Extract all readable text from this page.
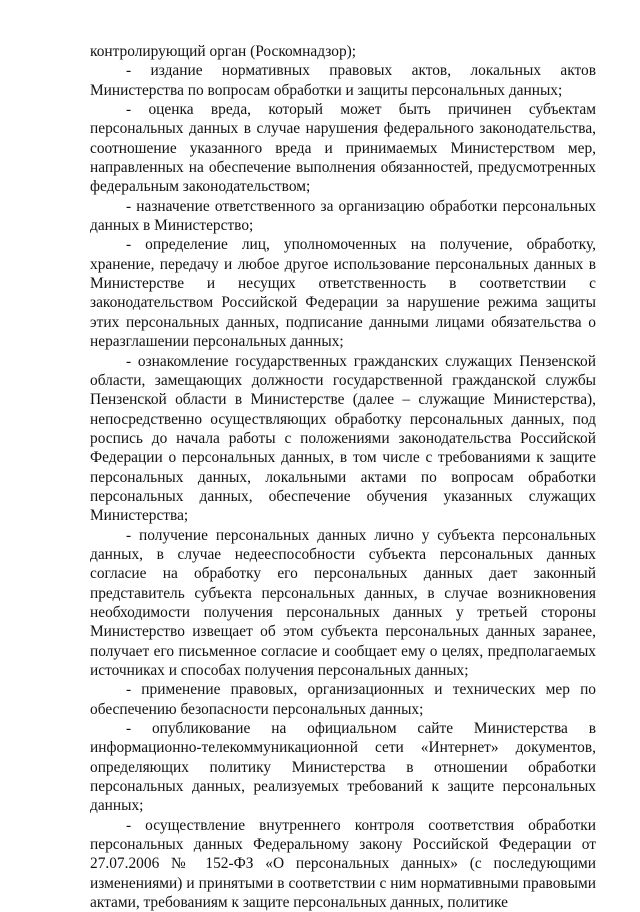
контролирующий орган (Роскомнадзор);

- издание нормативных правовых актов, локальных актов Министерства по вопросам обработки и защиты персональных данных;

- оценка вреда, который может быть причинен субъектам персональных данных в случае нарушения федерального законодательства, соотношение указанного вреда и принимаемых Министерством мер, направленных на обеспечение выполнения обязанностей, предусмотренных федеральным законодательством;

- назначение ответственного за организацию обработки персональных данных в Министерство;

- определение лиц, уполномоченных на получение, обработку, хранение, передачу и любое другое использование персональных данных в Министерстве и несущих ответственность в соответствии с законодательством Российской Федерации за нарушение режима защиты этих персональных данных, подписание данными лицами обязательства о неразглашении персональных данных;

- ознакомление государственных гражданских служащих Пензенской области, замещающих должности государственной гражданской службы Пензенской области в Министерстве (далее – служащие Министерства), непосредственно осуществляющих обработку персональных данных, под роспись до начала работы с положениями законодательства Российской Федерации о персональных данных, в том числе с требованиями к защите персональных данных, локальными актами по вопросам обработки персональных данных, обеспечение обучения указанных служащих Министерства;

- получение персональных данных лично у субъекта персональных данных, в случае недееспособности субъекта персональных данных согласие на обработку его персональных данных дает законный представитель субъекта персональных данных, в случае возникновения необходимости получения персональных данных у третьей стороны Министерство извещает об этом субъекта персональных данных заранее, получает его письменное согласие и сообщает ему о целях, предполагаемых источниках и способах получения персональных данных;

- применение правовых, организационных и технических мер по обеспечению безопасности персональных данных;

- опубликование на официальном сайте Министерства в информационно-телекоммуникационной сети «Интернет» документов, определяющих политику Министерства в отношении обработки персональных данных, реализуемых требований к защите персональных данных;

- осуществление внутреннего контроля соответствия обработки персональных данных Федеральному закону Российской Федерации от 27.07.2006 № 152-ФЗ «О персональных данных» (с последующими изменениями) и принятыми в соответствии с ним нормативными правовыми актами, требованиям к защите персональных данных, политике
